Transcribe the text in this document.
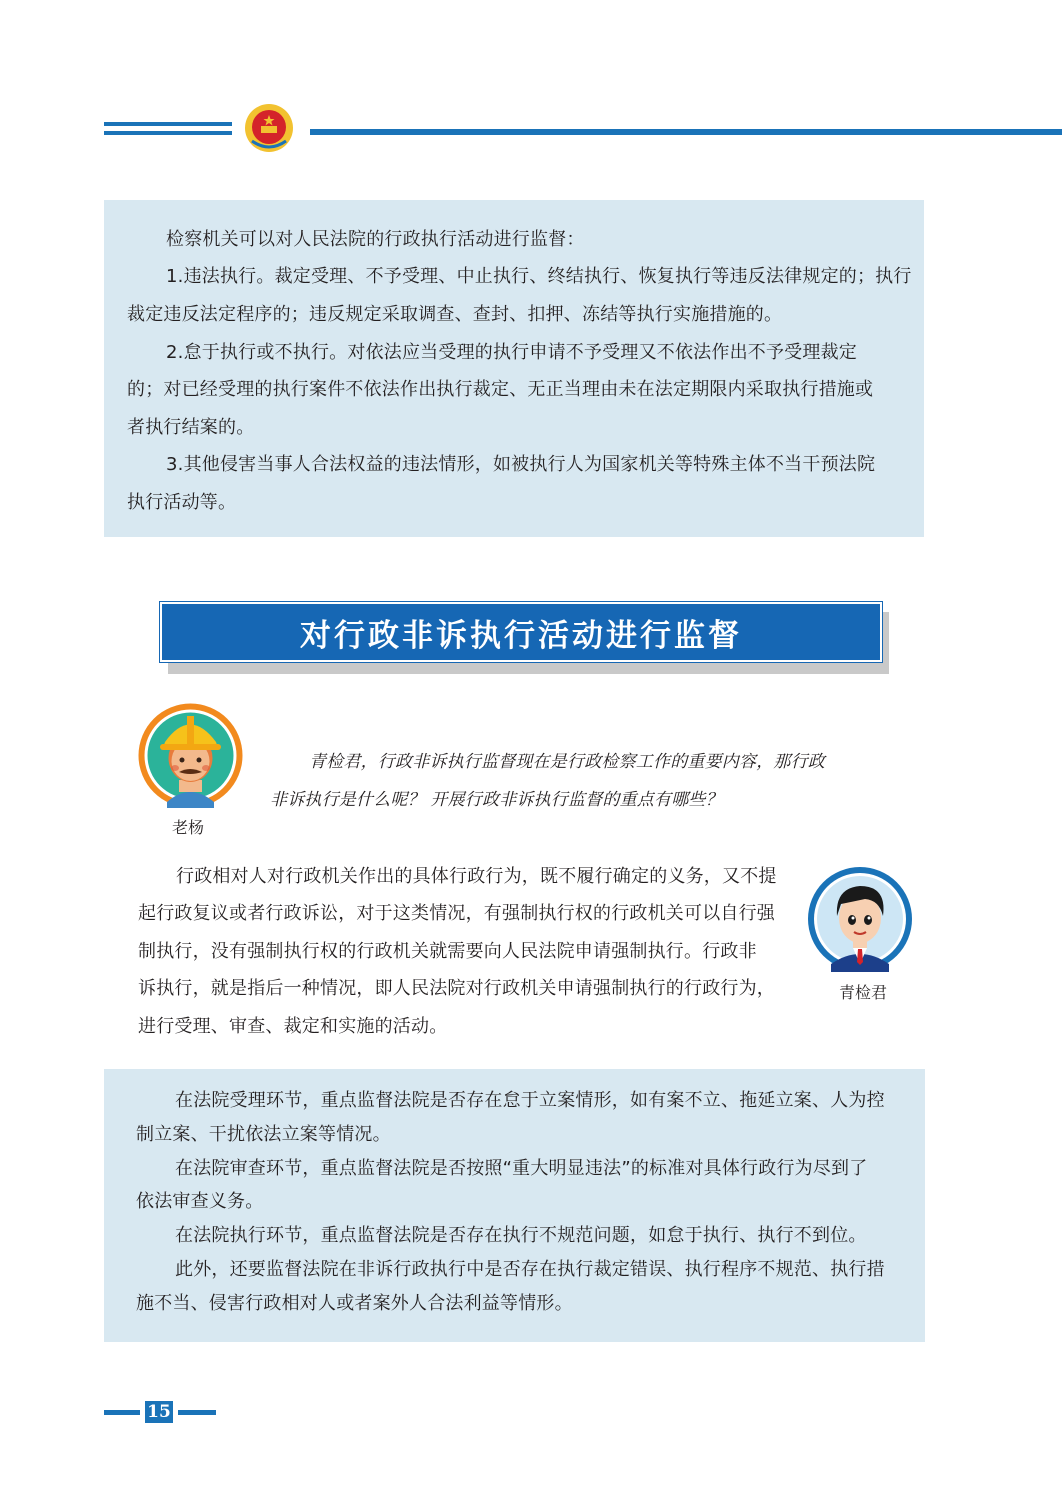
检察机关可以对人民法院的行政执行活动进行监督：
1.违法执行。裁定受理、不予受理、中止执行、终结执行、恢复执行等违反法律规定的；执行
裁定违反法定程序的；违反规定采取调查、查封、扣押、冻结等执行实施措施的。
2.怠于执行或不执行。对依法应当受理的执行申请不予受理又不依法作出不予受理裁定
的；对已经受理的执行案件不依法作出执行裁定、无正当理由未在法定期限内采取执行措施或
者执行结案的。
3.其他侵害当事人合法权益的违法情形，如被执行人为国家机关等特殊主体不当干预法院
执行活动等。
对行政非诉执行活动进行监督
老杨
青检君，行政非诉执行监督现在是行政检察工作的重要内容，那行政
非诉执行是什么呢？ 开展行政非诉执行监督的重点有哪些？
行政相对人对行政机关作出的具体行政行为，既不履行确定的义务，又不提
起行政复议或者行政诉讼，对于这类情况，有强制执行权的行政机关可以自行强
制执行，没有强制执行权的行政机关就需要向人民法院申请强制执行。行政非
诉执行，就是指后一种情况，即人民法院对行政机关申请强制执行的行政行为，
进行受理、审查、裁定和实施的活动。
青检君
在法院受理环节，重点监督法院是否存在怠于立案情形，如有案不立、拖延立案、人为控
制立案、干扰依法立案等情况。
在法院审查环节，重点监督法院是否按照“重大明显违法”的标准对具体行政行为尽到了
依法审查义务。
在法院执行环节，重点监督法院是否存在执行不规范问题，如怠于执行、执行不到位。
此外，还要监督法院在非诉行政执行中是否存在执行裁定错误、执行程序不规范、执行措
施不当、侵害行政相对人或者案外人合法利益等情形。
15
